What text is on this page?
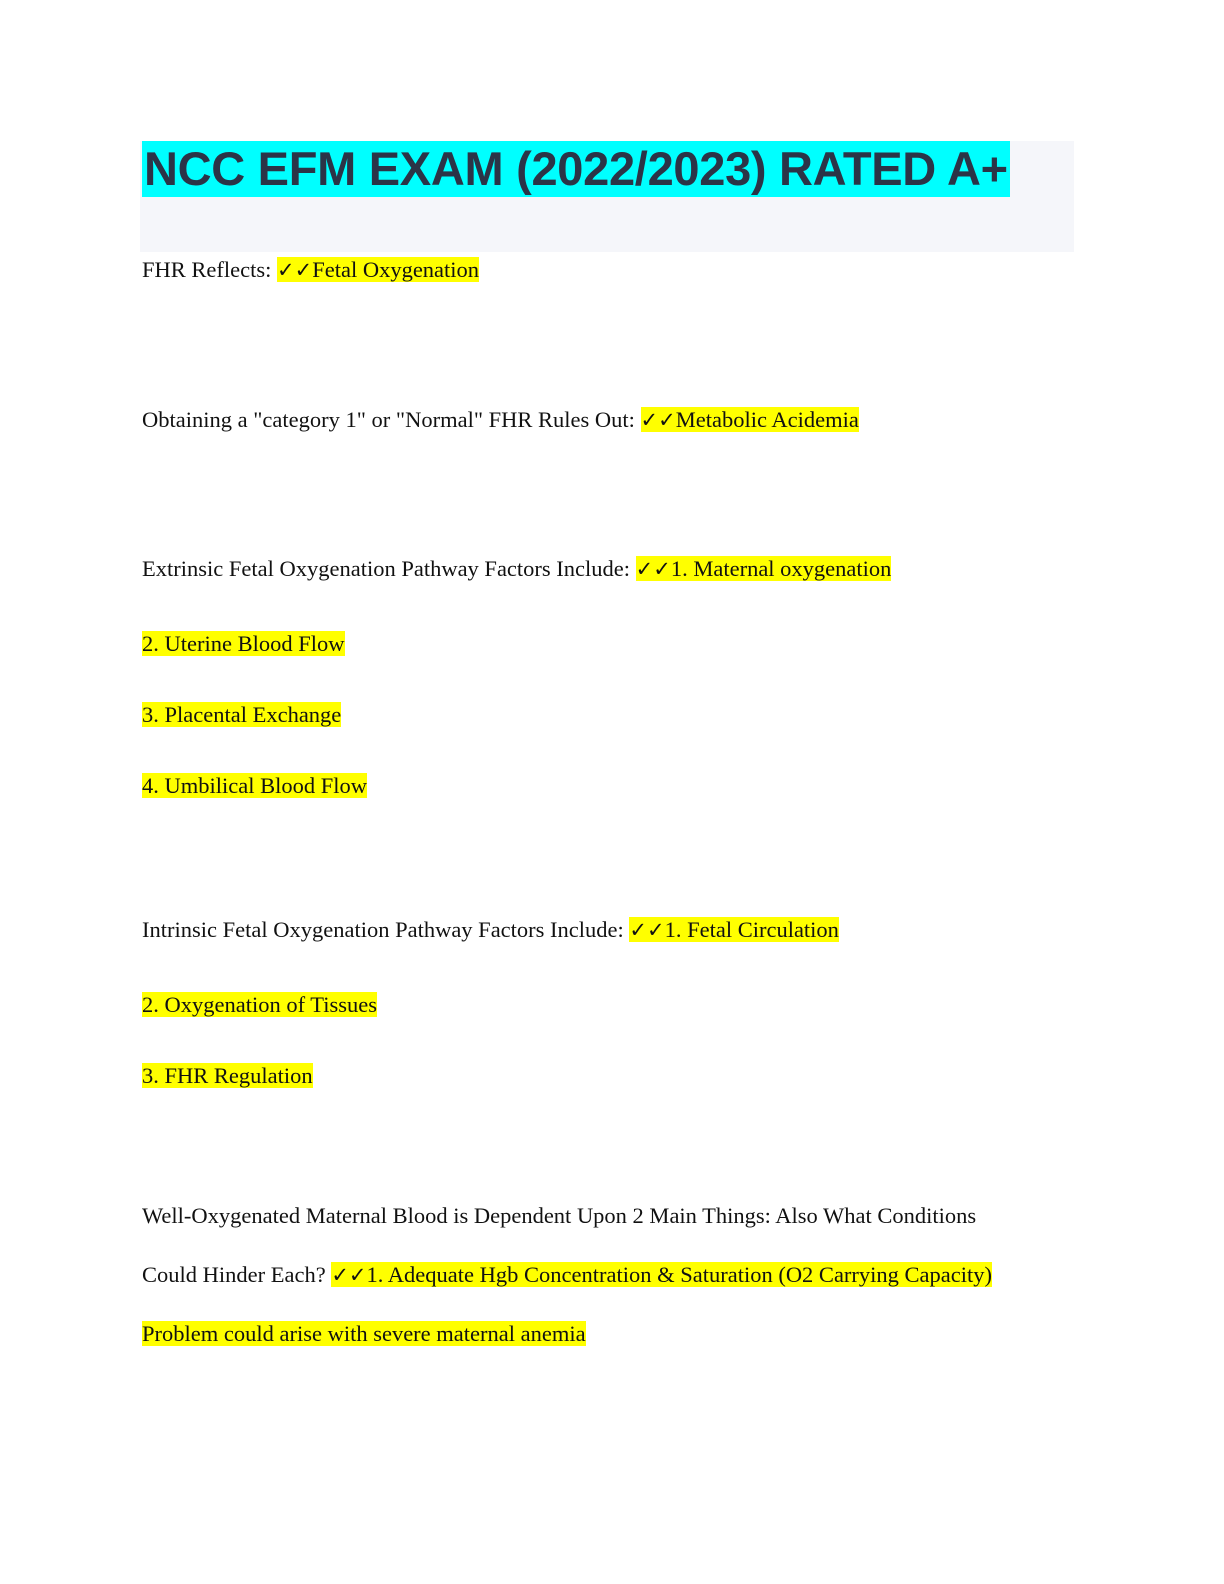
NCC EFM EXAM (2022/2023) RATED A+

FHR Reflects: ✓✓Fetal Oxygenation

Obtaining a "category 1" or "Normal" FHR Rules Out: ✓✓Metabolic Acidemia

Extrinsic Fetal Oxygenation Pathway Factors Include: ✓✓1. Maternal oxygenation

2. Uterine Blood Flow

3. Placental Exchange

4. Umbilical Blood Flow

Intrinsic Fetal Oxygenation Pathway Factors Include: ✓✓1. Fetal Circulation

2. Oxygenation of Tissues

3. FHR Regulation

Well-Oxygenated Maternal Blood is Dependent Upon 2 Main Things: Also What Conditions

Could Hinder Each? ✓✓1. Adequate Hgb Concentration & Saturation (O2 Carrying Capacity)

Problem could arise with severe maternal anemia
